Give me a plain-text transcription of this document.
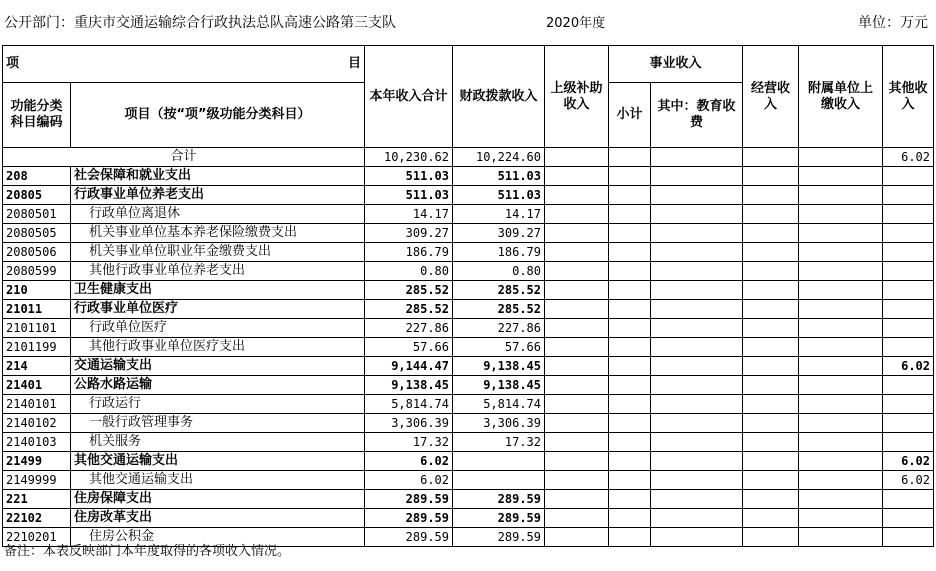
公开部门：重庆市交通运输综合行政执法总队高速公路第三支队	2020年度	单位：万元
项 目		本年收入合计	财政拨款收入	上级补助收入	事业收入		经营收入	附属单位上缴收入	其他收入
功能分类科目编码	项目（按“项”级功能分类科目）				小计	其中：教育收费			

合计		10,230.62	10,224.60						6.02
208	社会保障和就业支出	511.03	511.03						
20805	行政事业单位养老支出	511.03	511.03						
2080501	行政单位离退休	14.17	14.17						
2080505	机关事业单位基本养老保险缴费支出	309.27	309.27						
2080506	机关事业单位职业年金缴费支出	186.79	186.79						
2080599	其他行政事业单位养老支出	0.80	0.80						
210	卫生健康支出	285.52	285.52						
21011	行政事业单位医疗	285.52	285.52						
2101101	行政单位医疗	227.86	227.86						
2101199	其他行政事业单位医疗支出	57.66	57.66						
214	交通运输支出	9,144.47	9,138.45						6.02
21401	公路水路运输	9,138.45	9,138.45						
2140101	行政运行	5,814.74	5,814.74						
2140102	一般行政管理事务	3,306.39	3,306.39						
2140103	机关服务	17.32	17.32						
21499	其他交通运输支出	6.02							6.02
2149999	其他交通运输支出	6.02							6.02
221	住房保障支出	289.59	289.59						
22102	住房改革支出	289.59	289.59						
2210201	住房公积金	289.59	289.59						
备注：本表反映部门本年度取得的各项收入情况。
